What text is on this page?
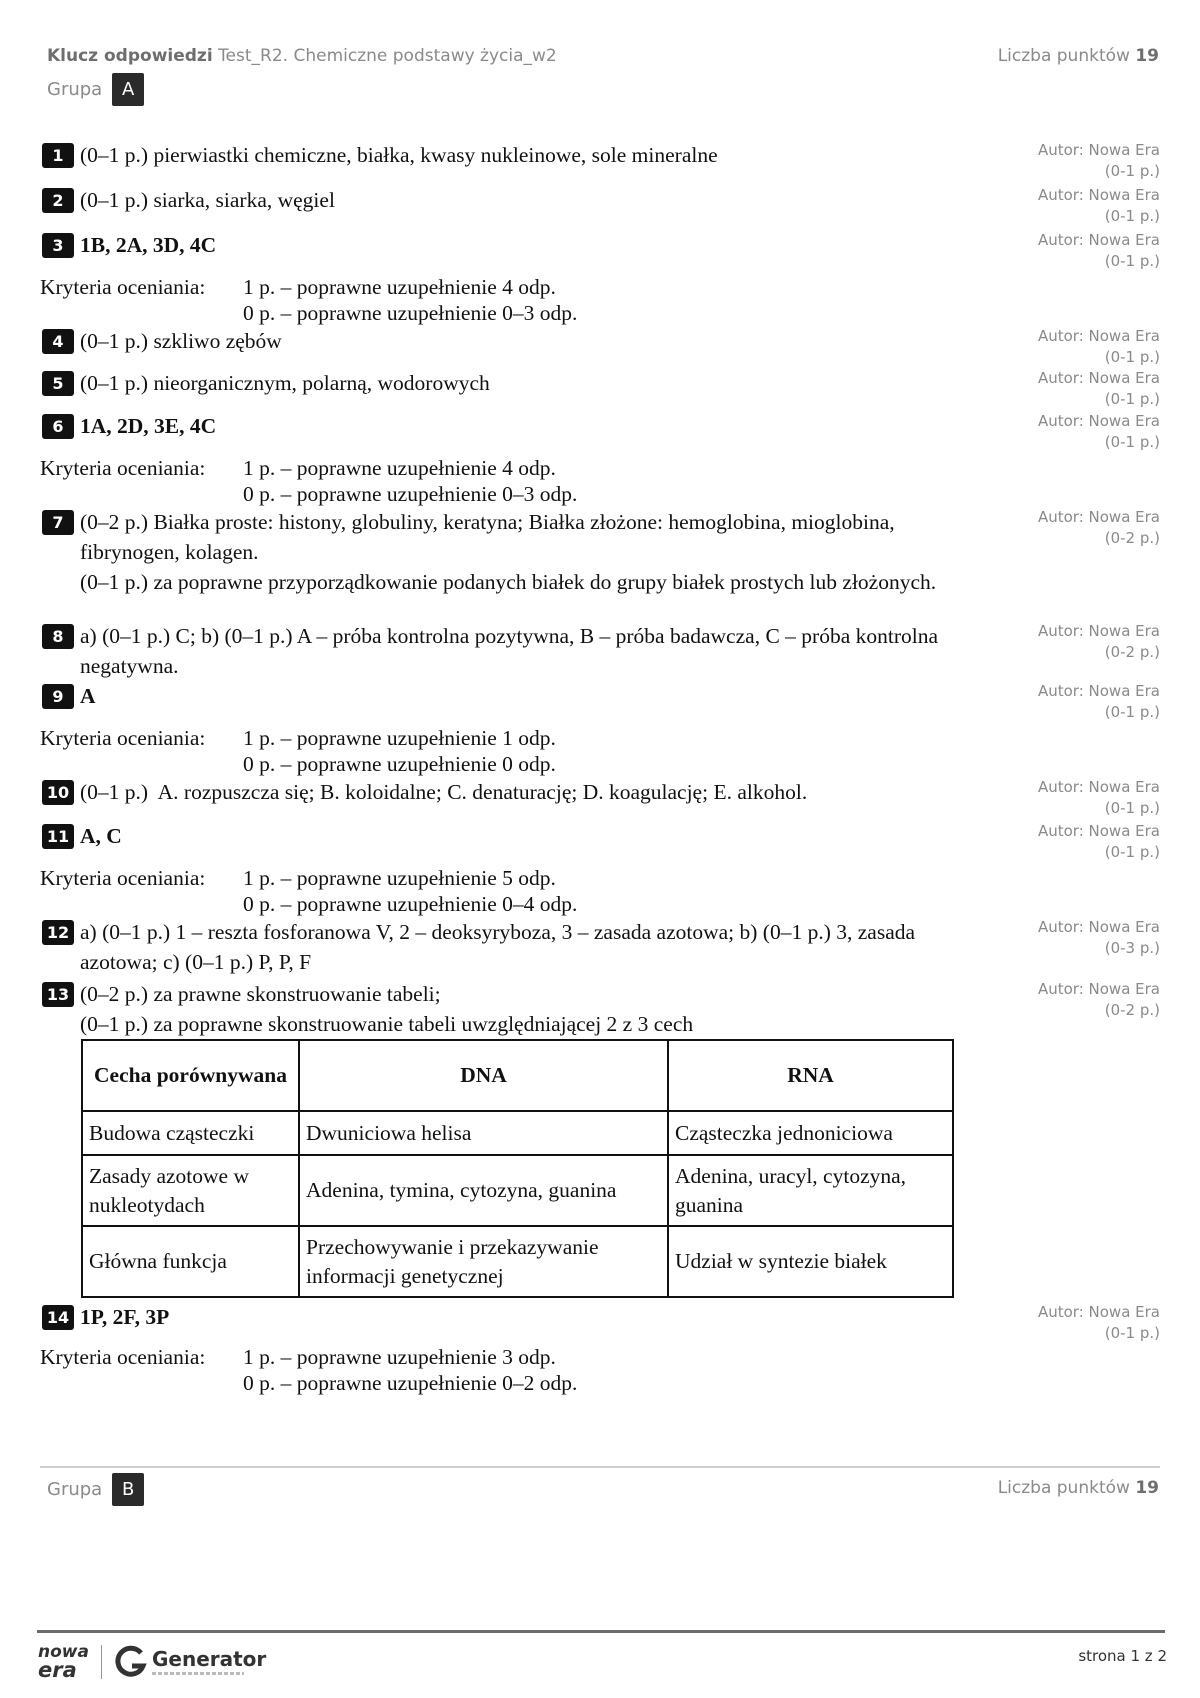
Klucz odpowiedzi Test_R2. Chemiczne podstawy życia_w2	Liczba punktów 19
Grupa	A
1 (0–1 p.) pierwiastki chemiczne, białka, kwasy nukleinowe, sole mineralne	Autor: Nowa Era
(0-1 p.)
2 (0–1 p.) siarka, siarka, węgiel	Autor: Nowa Era
(0-1 p.)
3 1B, 2A, 3D, 4C	Autor: Nowa Era
(0-1 p.)
Kryteria oceniania:	1 p. – poprawne uzupełnienie 4 odp.
0 p. – poprawne uzupełnienie 0–3 odp.
4 (0–1 p.) szkliwo zębów	Autor: Nowa Era
(0-1 p.)
5 (0–1 p.) nieorganicznym, polarną, wodorowych	Autor: Nowa Era
(0-1 p.)
6 1A, 2D, 3E, 4C	Autor: Nowa Era
(0-1 p.)
Kryteria oceniania:	1 p. – poprawne uzupełnienie 4 odp.
0 p. – poprawne uzupełnienie 0–3 odp.
7 (0–2 p.) Białka proste: histony, globuliny, keratyna; Białka złożone: hemoglobina, mioglobina, fibrynogen, kolagen.
(0–1 p.) za poprawne przyporządkowanie podanych białek do grupy białek prostych lub złożonych.
Autor: Nowa Era
(0-2 p.)
8 a) (0–1 p.) C; b) (0–1 p.) A – próba kontrolna pozytywna, B – próba badawcza, C – próba kontrolna negatywna.
Autor: Nowa Era
(0-2 p.)
9 A	Autor: Nowa Era
(0-1 p.)
Kryteria oceniania:	1 p. – poprawne uzupełnienie 1 odp.
0 p. – poprawne uzupełnienie 0 odp.
10 (0–1 p.)  A. rozpuszcza się; B. koloidalne; C. denaturację; D. koagulację; E. alkohol.	Autor: Nowa Era
(0-1 p.)
11 A, C	Autor: Nowa Era
(0-1 p.)
Kryteria oceniania:	1 p. – poprawne uzupełnienie 5 odp.
0 p. – poprawne uzupełnienie 0–4 odp.
12 a) (0–1 p.) 1 – reszta fosforanowa V, 2 – deoksyryboza, 3 – zasada azotowa; b) (0–1 p.) 3, zasada azotowa; c) (0–1 p.) P, P, F
Autor: Nowa Era
(0-3 p.)
13 (0–2 p.) za prawne skonstruowanie tabeli;
(0–1 p.) za poprawne skonstruowanie tabeli uwzględniającej 2 z 3 cech
Autor: Nowa Era
(0-2 p.)
Cecha porównywana	DNA	RNA
Budowa cząsteczki	Dwuniciowa helisa	Cząsteczka jednoniciowa
Zasady azotowe w nukleotydach	Adenina, tymina, cytozyna, guanina	Adenina, uracyl, cytozyna, guanina
Główna funkcja	Przechowywanie i przekazywanie informacji genetycznej	Udział w syntezie białek
14 1P, 2F, 3P	Autor: Nowa Era
(0-1 p.)
Kryteria oceniania:	1 p. – poprawne uzupełnienie 3 odp.
0 p. – poprawne uzupełnienie 0–2 odp.
Grupa	B	Liczba punktów 19
nowa
era	Generator	strona 1 z 2
